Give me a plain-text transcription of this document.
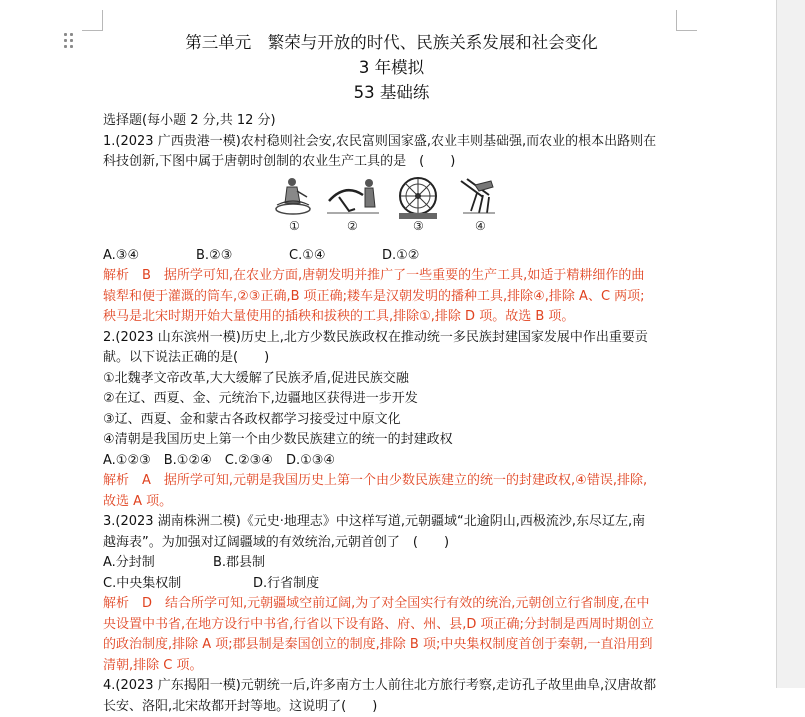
第三单元　繁荣与开放的时代、民族关系发展和社会变化
3 年模拟
53 基础练
选择题(每小题 2 分,共 12 分)
1.(2023 广西贵港一模)农村稳则社会安,农民富则国家盛,农业丰则基础强,而农业的根本出路则在
科技创新,下图中属于唐朝时创制的农业生产工具的是　(　　)
①	②	③	④
A.③④	B.②③	C.①④	D.①②
解析　B　据所学可知,在农业方面,唐朝发明并推广了一些重要的生产工具,如适于精耕细作的曲
辕犁和便于灌溉的筒车,②③正确,B 项正确;耧车是汉朝发明的播种工具,排除④,排除 A、C 两项;
秧马是北宋时期开始大量使用的插秧和拔秧的工具,排除①,排除 D 项。故选 B 项。
2.(2023 山东滨州一模)历史上,北方少数民族政权在推动统一多民族封建国家发展中作出重要贡
献。以下说法正确的是(　　)
①北魏孝文帝改革,大大缓解了民族矛盾,促进民族交融
②在辽、西夏、金、元统治下,边疆地区获得进一步开发
③辽、西夏、金和蒙古各政权都学习接受过中原文化
④清朝是我国历史上第一个由少数民族建立的统一的封建政权
A.①②③　B.①②④　C.②③④　D.①③④
解析　A　据所学可知,元朝是我国历史上第一个由少数民族建立的统一的封建政权,④错误,排除,
故选 A 项。
3.(2023 湖南株洲二模)《元史·地理志》中这样写道,元朝疆域“北逾阴山,西极流沙,东尽辽左,南
越海表”。为加强对辽阔疆域的有效统治,元朝首创了　(　　)
A.分封制	B.郡县制
C.中央集权制	D.行省制度
解析　D　结合所学可知,元朝疆域空前辽阔,为了对全国实行有效的统治,元朝创立行省制度,在中
央设置中书省,在地方设行中书省,行省以下设有路、府、州、县,D 项正确;分封制是西周时期创立
的政治制度,排除 A 项;郡县制是秦国创立的制度,排除 B 项;中央集权制度首创于秦朝,一直沿用到
清朝,排除 C 项。
4.(2023 广东揭阳一模)元朝统一后,许多南方士人前往北方旅行考察,走访孔子故里曲阜,汉唐故都
长安、洛阳,北宋故都开封等地。这说明了(　　)
